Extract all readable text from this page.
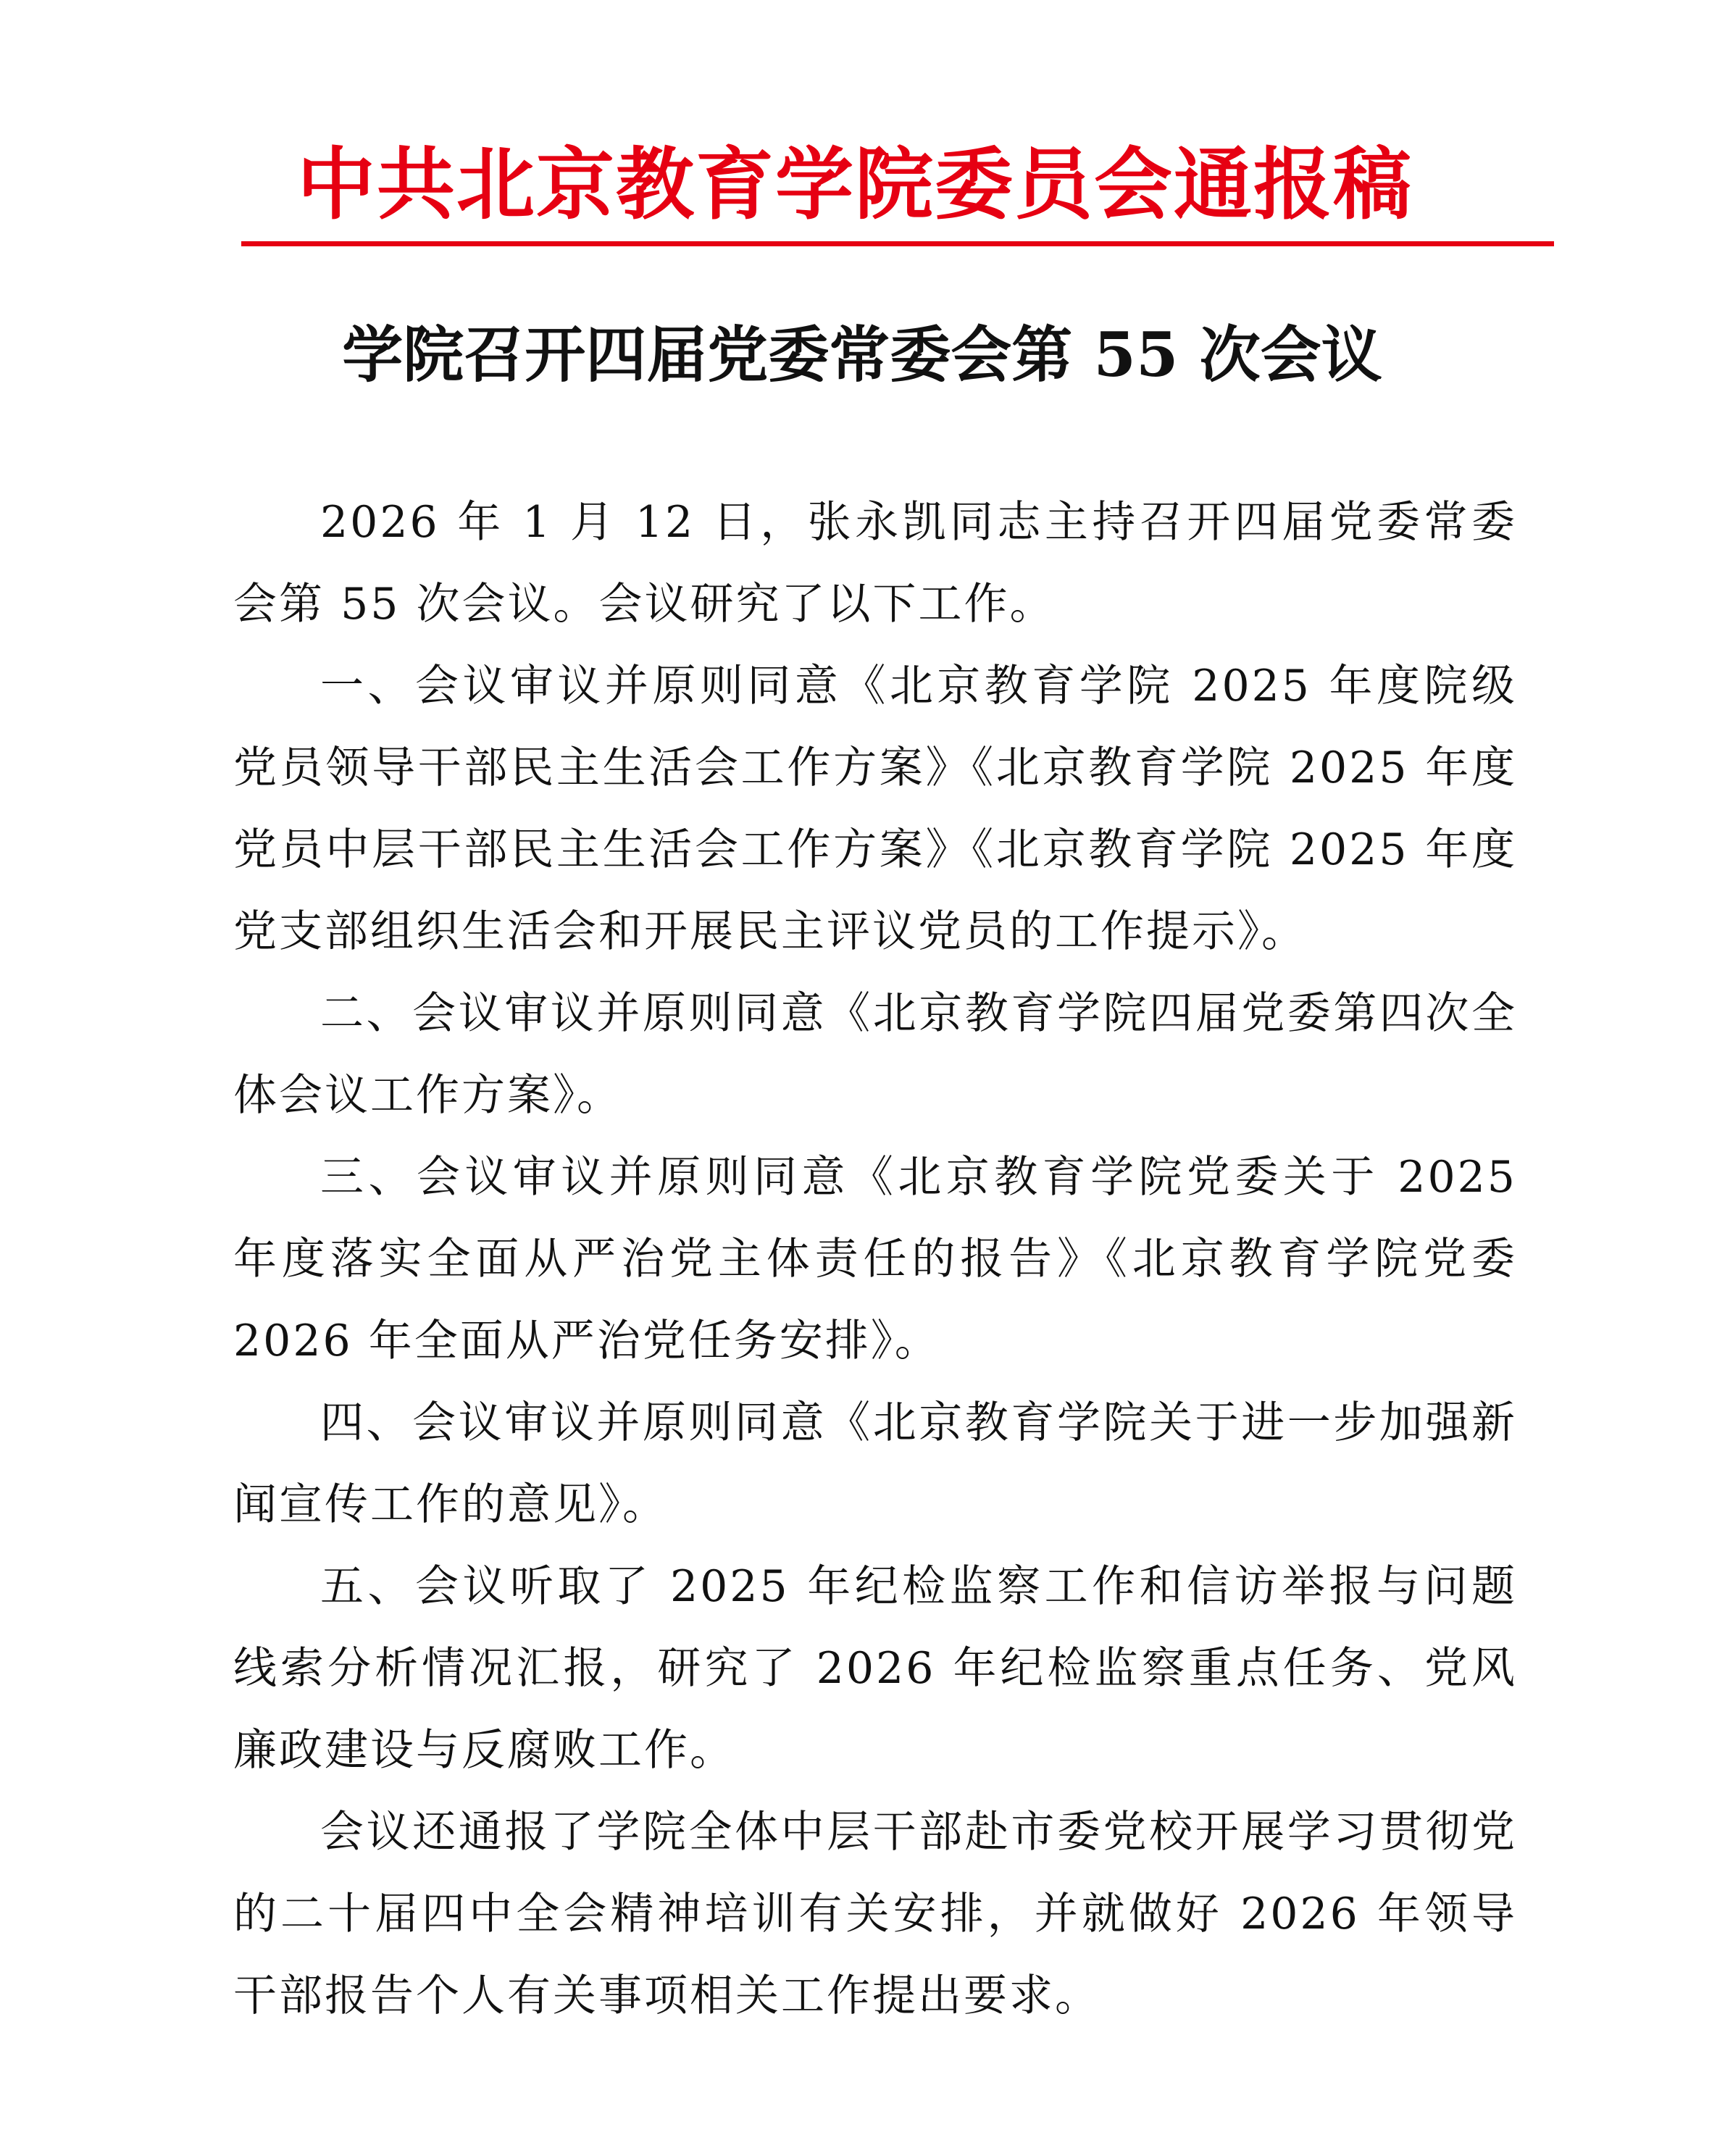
中共北京教育学院委员会通报稿
学院召开四届党委常委会第 55 次会议

2026 年 1 月 12 日，张永凯同志主持召开四届党委常委会第 55 次会议。会议研究了以下工作。

一、会议审议并原则同意《北京教育学院 2025 年度院级党员领导干部民主生活会工作方案》《北京教育学院 2025 年度党员中层干部民主生活会工作方案》《北京教育学院 2025 年度党支部组织生活会和开展民主评议党员的工作提示》。

二、会议审议并原则同意《北京教育学院四届党委第四次全体会议工作方案》。

三、会议审议并原则同意《北京教育学院党委关于 2025 年度落实全面从严治党主体责任的报告》《北京教育学院党委 2026 年全面从严治党任务安排》。

四、会议审议并原则同意《北京教育学院关于进一步加强新闻宣传工作的意见》。

五、会议听取了 2025 年纪检监察工作和信访举报与问题线索分析情况汇报，研究了 2026 年纪检监察重点任务、党风廉政建设与反腐败工作。

会议还通报了学院全体中层干部赴市委党校开展学习贯彻党的二十届四中全会精神培训有关安排，并就做好 2026 年领导干部报告个人有关事项相关工作提出要求。
